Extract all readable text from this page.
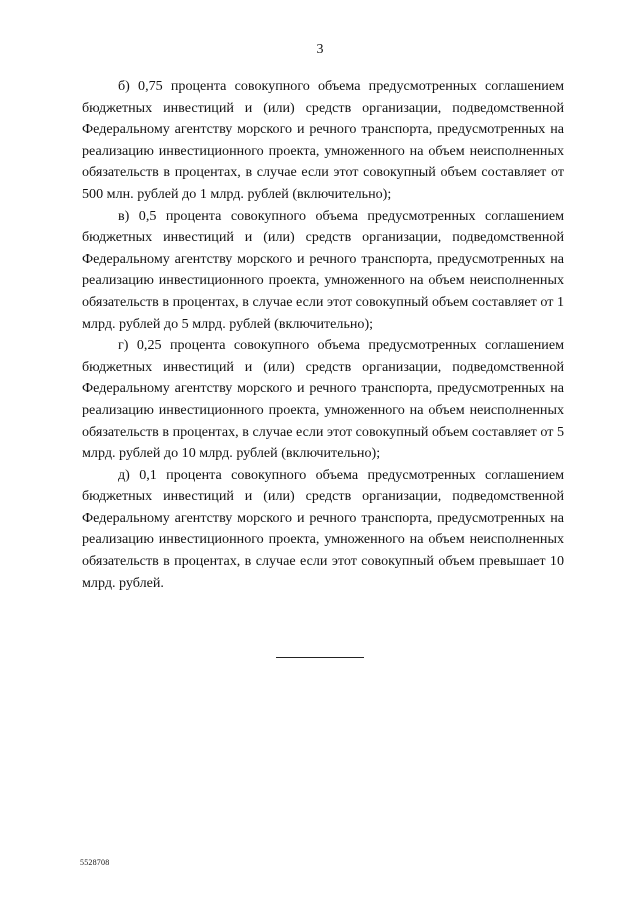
3

б) 0,75 процента совокупного объема предусмотренных соглашением бюджетных инвестиций и (или) средств организации, подведомственной Федеральному агентству морского и речного транспорта, предусмотренных на реализацию инвестиционного проекта, умноженного на объем неисполненных обязательств в процентах, в случае если этот совокупный объем составляет от 500 млн. рублей до 1 млрд. рублей (включительно);

в) 0,5 процента совокупного объема предусмотренных соглашением бюджетных инвестиций и (или) средств организации, подведомственной Федеральному агентству морского и речного транспорта, предусмотренных на реализацию инвестиционного проекта, умноженного на объем неисполненных обязательств в процентах, в случае если этот совокупный объем составляет от 1 млрд. рублей до 5 млрд. рублей (включительно);

г) 0,25 процента совокупного объема предусмотренных соглашением бюджетных инвестиций и (или) средств организации, подведомственной Федеральному агентству морского и речного транспорта, предусмотренных на реализацию инвестиционного проекта, умноженного на объем неисполненных обязательств в процентах, в случае если этот совокупный объем составляет от 5 млрд. рублей до 10 млрд. рублей (включительно);

д) 0,1 процента совокупного объема предусмотренных соглашением бюджетных инвестиций и (или) средств организации, подведомственной Федеральному агентству морского и речного транспорта, предусмотренных на реализацию инвестиционного проекта, умноженного на объем неисполненных обязательств в процентах, в случае если этот совокупный объем превышает 10 млрд. рублей.

5528708
